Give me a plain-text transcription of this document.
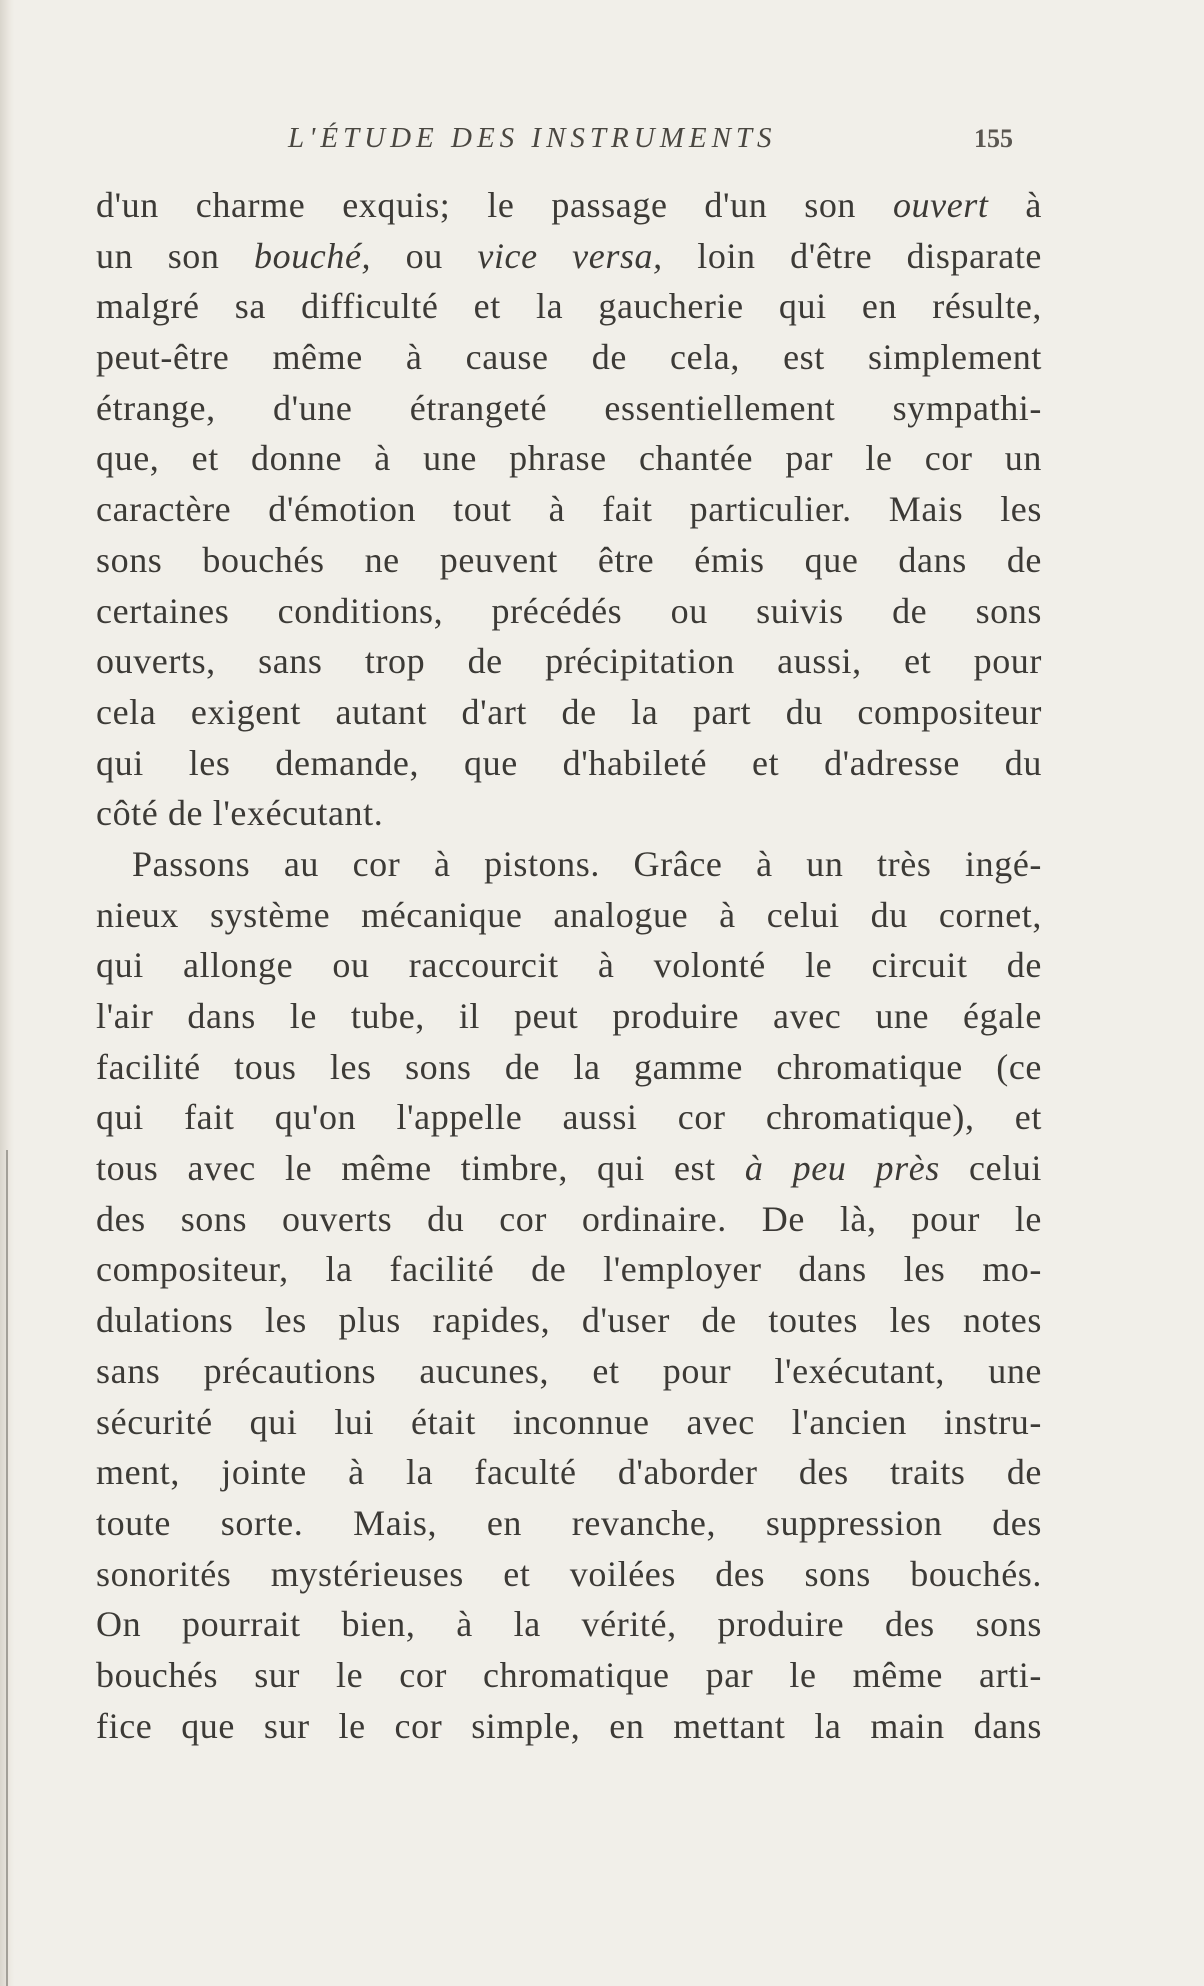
L'ÉTUDE DES INSTRUMENTS	155
d'un charme exquis; le passage d'un son ouvert à
un son bouché, ou vice versa, loin d'être disparate
malgré sa difficulté et la gaucherie qui en résulte,
peut-être même à cause de cela, est simplement
étrange, d'une étrangeté essentiellement sympathi-
que, et donne à une phrase chantée par le cor un
caractère d'émotion tout à fait particulier. Mais les
sons bouchés ne peuvent être émis que dans de
certaines conditions, précédés ou suivis de sons
ouverts, sans trop de précipitation aussi, et pour
cela exigent autant d'art de la part du compositeur
qui les demande, que d'habileté et d'adresse du
côté de l'exécutant.
Passons au cor à pistons. Grâce à un très ingé-
nieux système mécanique analogue à celui du cornet,
qui allonge ou raccourcit à volonté le circuit de
l'air dans le tube, il peut produire avec une égale
facilité tous les sons de la gamme chromatique (ce
qui fait qu'on l'appelle aussi cor chromatique), et
tous avec le même timbre, qui est à peu près celui
des sons ouverts du cor ordinaire. De là, pour le
compositeur, la facilité de l'employer dans les mo-
dulations les plus rapides, d'user de toutes les notes
sans précautions aucunes, et pour l'exécutant, une
sécurité qui lui était inconnue avec l'ancien instru-
ment, jointe à la faculté d'aborder des traits de
toute sorte. Mais, en revanche, suppression des
sonorités mystérieuses et voilées des sons bouchés.
On pourrait bien, à la vérité, produire des sons
bouchés sur le cor chromatique par le même arti-
fice que sur le cor simple, en mettant la main dans
